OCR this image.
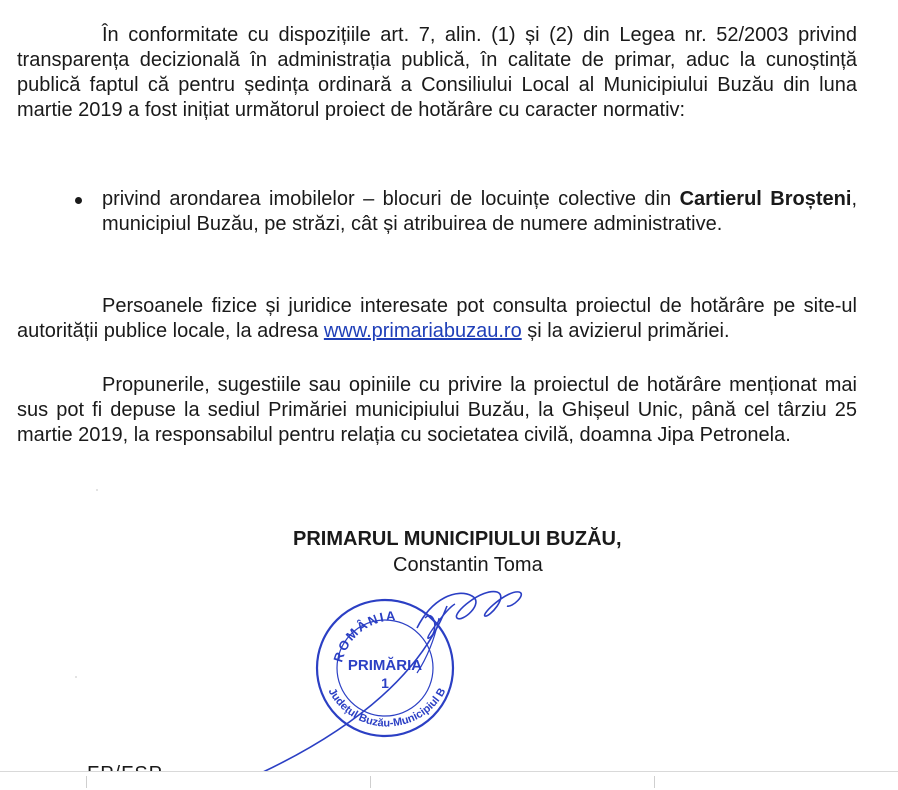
În conformitate cu dispozițiile art. 7, alin. (1) și (2) din Legea nr. 52/2003 privind transparența decizională în administrația publică, în calitate de primar, aduc la cunoștință publică faptul că pentru ședința ordinară a Consiliului Local al Municipiului Buzău din luna martie 2019 a fost inițiat următorul proiect de hotărâre cu caracter normativ:

privind arondarea imobilelor – blocuri de locuințe colective din Cartierul Broșteni, municipiul Buzău, pe străzi, cât și atribuirea de numere administrative.

Persoanele fizice și juridice interesate pot consulta proiectul de hotărâre pe site-ul autorității publice locale, la adresa www.primariabuzau.ro și la avizierul primăriei.

Propunerile, sugestiile sau opiniile cu privire la proiectul de hotărâre menționat mai sus pot fi depuse la sediul Primăriei municipiului Buzău, la Ghișeul Unic, până cel târziu 25 martie 2019, la responsabilul pentru relația cu societatea civilă, doamna Jipa Petronela.

PRIMARUL MUNICIPIULUI BUZĂU,
Constantin Toma
ROMÂNIA
Județul Buzău-Municipiul B
PRIMĂRIA
1
